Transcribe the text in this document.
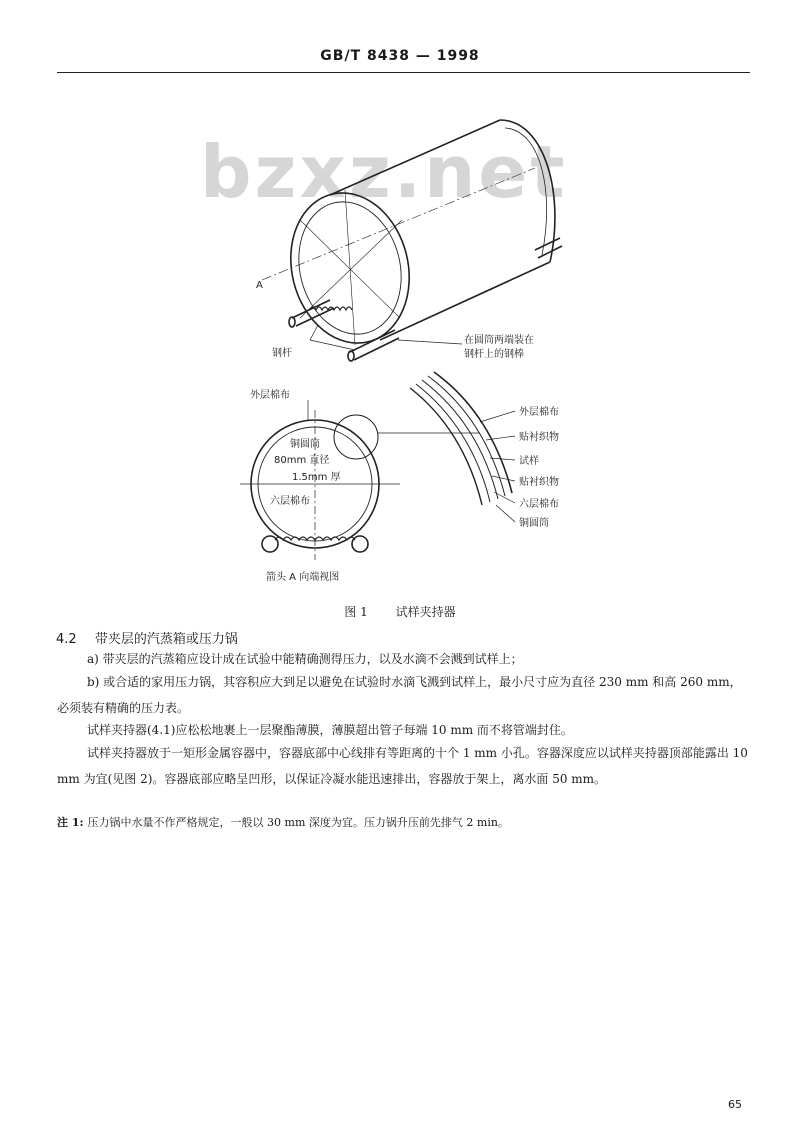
GB/T 8438 — 1998
bzxz.net
A
钢杆
在圆筒两端装在
钢杆上的钢棒
外层棉布
铜圆筒
80mm 直径
1.5mm 厚
六层棉布
箭头 A 向端视图
外层棉布
贴衬织物
试样
贴衬织物
六层棉布
铜圆筒
图 1 试样夹持器
4.2 带夹层的汽蒸箱或压力锅
a) 带夹层的汽蒸箱应设计成在试验中能精确测得压力，以及水滴不会溅到试样上；
b) 或合适的家用压力锅，其容积应大到足以避免在试验时水滴飞溅到试样上，最小尺寸应为直径 230 mm 和高 260 mm，必须装有精确的压力表。
试样夹持器(4.1)应松松地裹上一层聚酯薄膜，薄膜超出管子每端 10 mm 而不将管端封住。
试样夹持器放于一矩形金属容器中，容器底部中心线排有等距离的十个 1 mm 小孔。容器深度应以试样夹持器顶部能露出 10 mm 为宜(见图 2)。容器底部应略呈凹形，以保证冷凝水能迅速排出，容器放于架上，离水面 50 mm。
注 1: 压力锅中水量不作严格规定，一般以 30 mm 深度为宜。压力锅升压前先排气 2 min。
65
